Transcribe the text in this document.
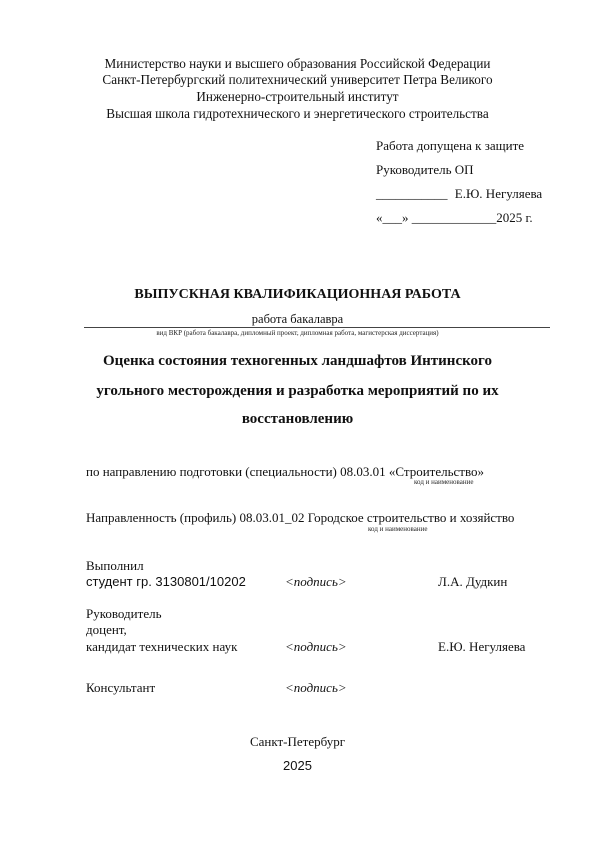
Министерство науки и высшего образования Российской Федерации
Санкт-Петербургский политехнический университет Петра Великого
Инженерно-строительный институт
Высшая школа гидротехнического и энергетического строительства
Работа допущена к защите
Руководитель ОП
___________ Е.Ю. Негуляева
«___» _____________2025 г.
ВЫПУСКНАЯ КВАЛИФИКАЦИОННАЯ РАБОТА
работа бакалавра
вид ВКР (работа бакалавра, дипломный проект, дипломная работа, магистерская диссертация)
Оценка состояния техногенных ландшафтов Интинского
угольного месторождения и разработка мероприятий по их
восстановлению
по направлению подготовки (специальности) 08.03.01 «Строительство»
код и наименование
Направленность (профиль) 08.03.01_02 Городское строительство и хозяйство
код и наименование
Выполнил
студент гр. 3130801/10202	<подпись>	Л.А. Дудкин
Руководитель
доцент,
кандидат технических наук	<подпись>	Е.Ю. Негуляева
Консультант	<подпись>
Санкт-Петербург
2025
